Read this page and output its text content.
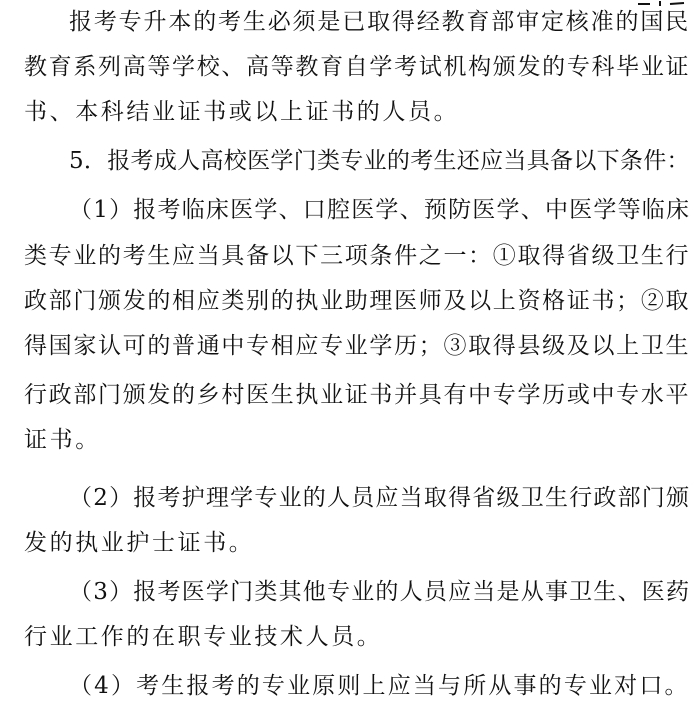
报考专升本的考生必须是已取得经教育部审定核准的国民
教育系列高等学校、高等教育自学考试机构颁发的专科毕业证
书、本科结业证书或以上证书的人员。
5．报考成人高校医学门类专业的考生还应当具备以下条件：
（1）报考临床医学、口腔医学、预防医学、中医学等临床
类专业的考生应当具备以下三项条件之一：①取得省级卫生行
政部门颁发的相应类别的执业助理医师及以上资格证书；②取
得国家认可的普通中专相应专业学历；③取得县级及以上卫生
行政部门颁发的乡村医生执业证书并具有中专学历或中专水平
证书。
（2）报考护理学专业的人员应当取得省级卫生行政部门颁
发的执业护士证书。
（3）报考医学门类其他专业的人员应当是从事卫生、医药
行业工作的在职专业技术人员。
（4）考生报考的专业原则上应当与所从事的专业对口。
